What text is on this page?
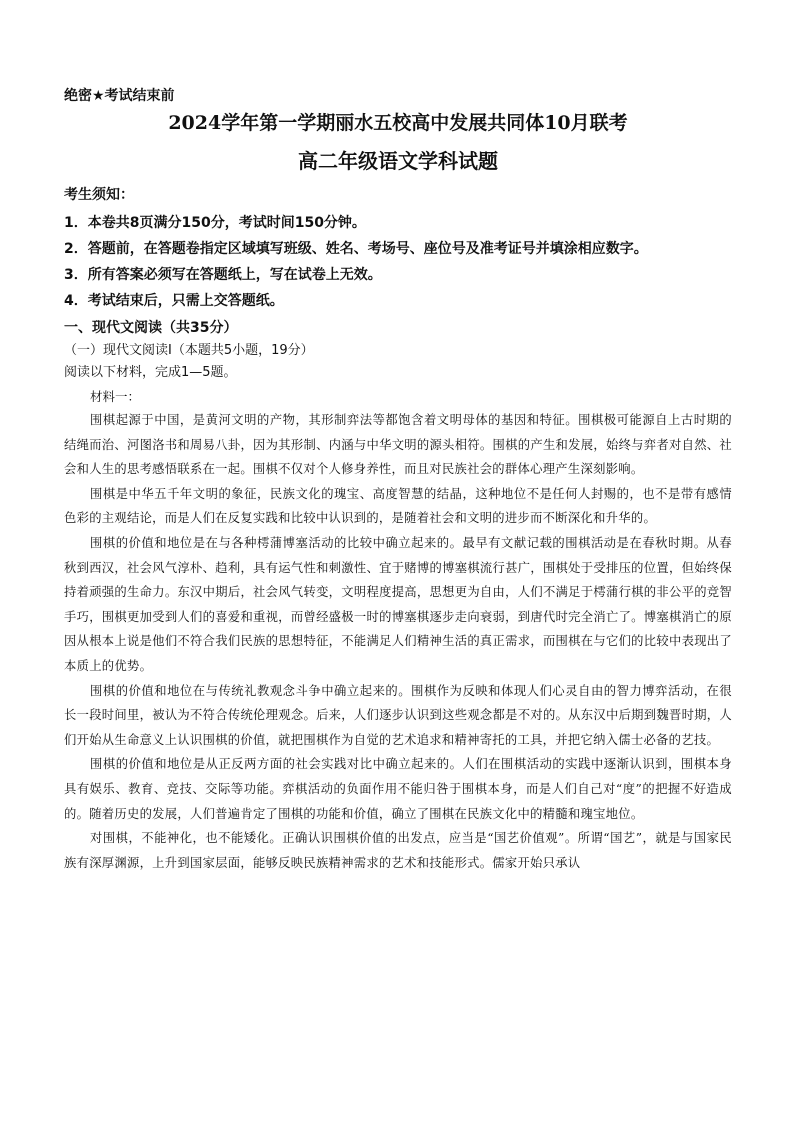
绝密★考试结束前
2024学年第一学期丽水五校高中发展共同体10月联考
高二年级语文学科试题
考生须知：
1．本卷共8页满分150分，考试时间150分钟。
2．答题前，在答题卷指定区域填写班级、姓名、考场号、座位号及准考证号并填涂相应数字。
3．所有答案必须写在答题纸上，写在试卷上无效。
4．考试结束后，只需上交答题纸。
一、现代文阅读（共35分）
（一）现代文阅读Ⅰ（本题共5小题，19分）
阅读以下材料，完成1—5题。
材料一：

围棋起源于中国，是黄河文明的产物，其形制弈法等都饱含着文明母体的基因和特征。围棋极可能源自上古时期的结绳而治、河图洛书和周易八卦，因为其形制、内涵与中华文明的源头相符。围棋的产生和发展，始终与弈者对自然、社会和人生的思考感悟联系在一起。围棋不仅对个人修身养性，而且对民族社会的群体心理产生深刻影响。

围棋是中华五千年文明的象征，民族文化的瑰宝、高度智慧的结晶，这种地位不是任何人封赐的，也不是带有感情色彩的主观结论，而是人们在反复实践和比较中认识到的，是随着社会和文明的进步而不断深化和升华的。

围棋的价值和地位是在与各种樗蒲博塞活动的比较中确立起来的。最早有文献记载的围棋活动是在春秋时期。从春秋到西汉，社会风气淳朴、趋利，具有运气性和刺激性、宜于赌博的博塞棋流行甚广，围棋处于受排压的位置，但始终保持着顽强的生命力。东汉中期后，社会风气转变，文明程度提高，思想更为自由，人们不满足于樗蒲行棋的非公平的竞智手巧，围棋更加受到人们的喜爱和重视，而曾经盛极一时的博塞棋逐步走向衰弱，到唐代时完全消亡了。博塞棋消亡的原因从根本上说是他们不符合我们民族的思想特征，不能满足人们精神生活的真正需求，而围棋在与它们的比较中表现出了本质上的优势。

围棋的价值和地位在与传统礼教观念斗争中确立起来的。围棋作为反映和体现人们心灵自由的智力博弈活动，在很长一段时间里，被认为不符合传统伦理观念。后来，人们逐步认识到这些观念都是不对的。从东汉中后期到魏晋时期，人们开始从生命意义上认识围棋的价值，就把围棋作为自觉的艺术追求和精神寄托的工具，并把它纳入儒士必备的艺技。

围棋的价值和地位是从正反两方面的社会实践对比中确立起来的。人们在围棋活动的实践中逐渐认识到，围棋本身具有娱乐、教育、竞技、交际等功能。弈棋活动的负面作用不能归咎于围棋本身，而是人们自己对“度”的把握不好造成的。随着历史的发展，人们普遍肯定了围棋的功能和价值，确立了围棋在民族文化中的精髓和瑰宝地位。

对围棋，不能神化，也不能矮化。正确认识围棋价值的出发点，应当是“国艺价值观”。所谓“国艺”，就是与国家民族有深厚渊源，上升到国家层面，能够反映民族精神需求的艺术和技能形式。儒家开始只承认
